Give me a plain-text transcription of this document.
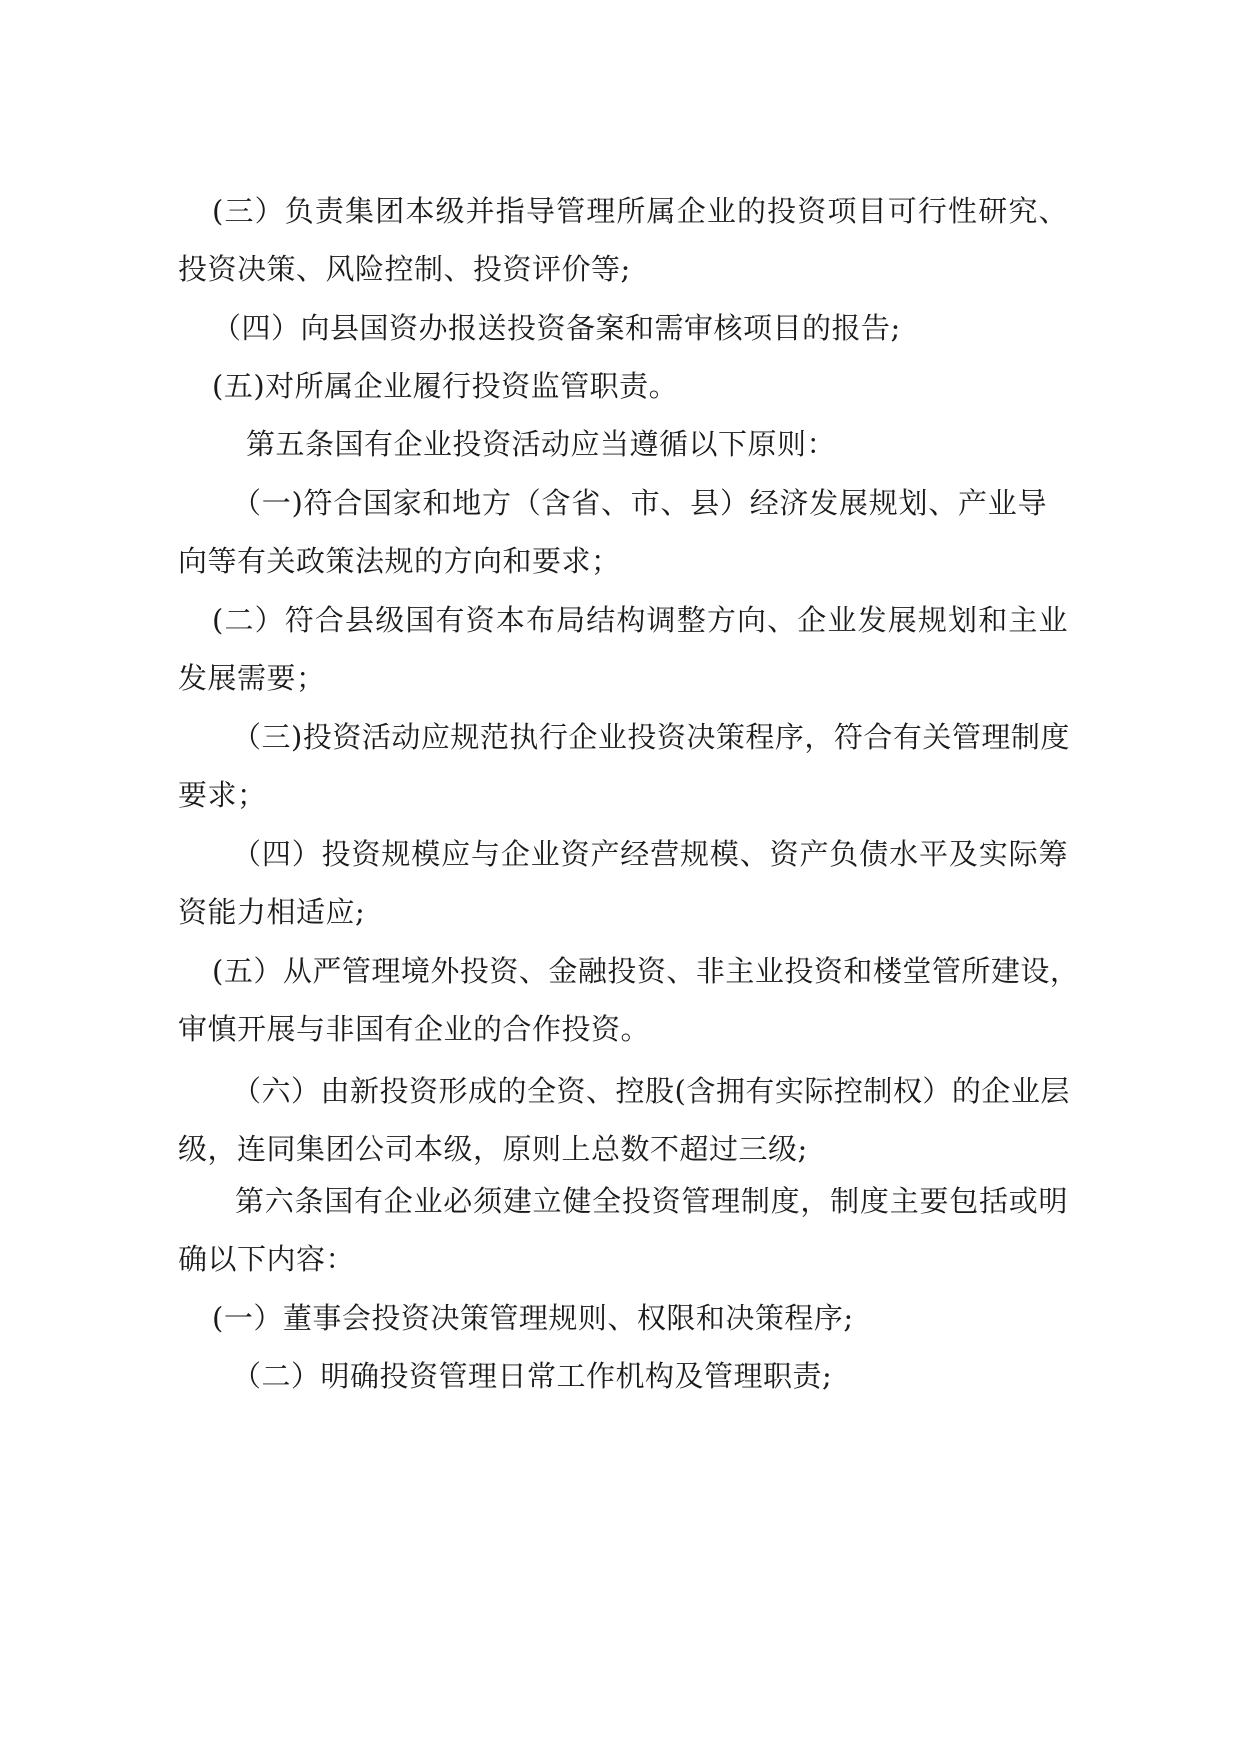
(三）负责集团本级并指导管理所属企业的投资项目可行性研究、
投资决策、风险控制、投资评价等;
（四）向县国资办报送投资备案和需审核项目的报告;
(五)对所属企业履行投资监管职责。
第五条国有企业投资活动应当遵循以下原则：
（一)符合国家和地方（含省、市、县）经济发展规划、产业导
向等有关政策法规的方向和要求；
(二）符合县级国有资本布局结构调整方向、企业发展规划和主业
发展需要；
（三)投资活动应规范执行企业投资决策程序，符合有关管理制度
要求；
（四）投资规模应与企业资产经营规模、资产负债水平及实际筹
资能力相适应;
(五）从严管理境外投资、金融投资、非主业投资和楼堂管所建设，
审慎开展与非国有企业的合作投资。
（六）由新投资形成的全资、控股(含拥有实际控制权）的企业层
级，连同集团公司本级，原则上总数不超过三级;
第六条国有企业必须建立健全投资管理制度，制度主要包括或明
确以下内容：
(一）董事会投资决策管理规则、权限和决策程序;
（二）明确投资管理日常工作机构及管理职责;
